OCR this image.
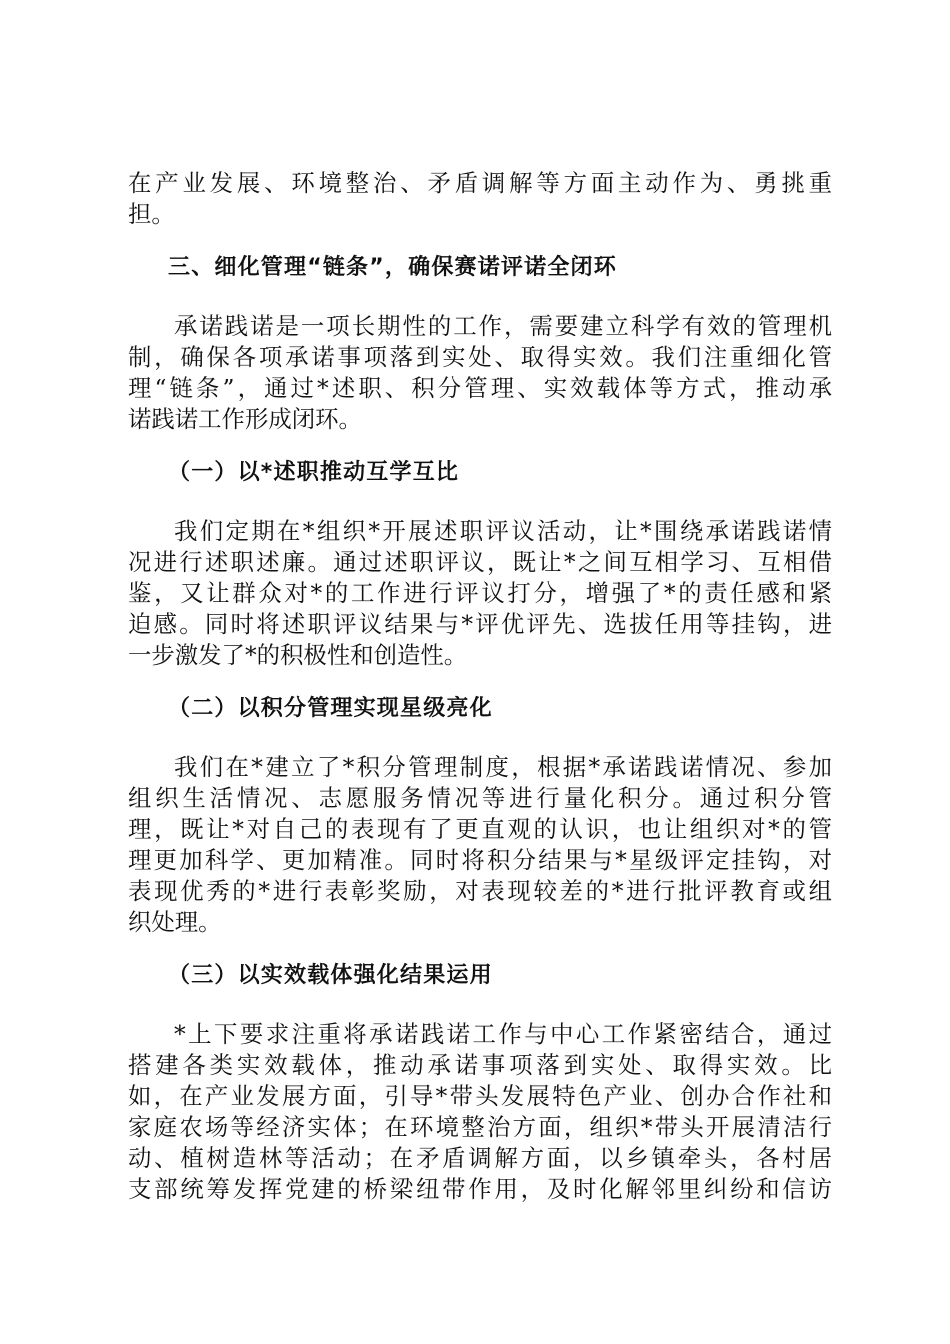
在产业发展、环境整治、矛盾调解等方面主动作为、勇挑重
担。
三、细化管理“链条”，确保赛诺评诺全闭环
承诺践诺是一项长期性的工作，需要建立科学有效的管理机
制，确保各项承诺事项落到实处、取得实效。我们注重细化管
理“链条”，通过*述职、积分管理、实效载体等方式，推动承
诺践诺工作形成闭环。
（一）以*述职推动互学互比
我们定期在*组织*开展述职评议活动，让*围绕承诺践诺情
况进行述职述廉。通过述职评议，既让*之间互相学习、互相借
鉴，又让群众对*的工作进行评议打分，增强了*的责任感和紧
迫感。同时将述职评议结果与*评优评先、选拔任用等挂钩，进
一步激发了*的积极性和创造性。
（二）以积分管理实现星级亮化
我们在*建立了*积分管理制度，根据*承诺践诺情况、参加
组织生活情况、志愿服务情况等进行量化积分。通过积分管
理，既让*对自己的表现有了更直观的认识，也让组织对*的管
理更加科学、更加精准。同时将积分结果与*星级评定挂钩，对
表现优秀的*进行表彰奖励，对表现较差的*进行批评教育或组
织处理。
（三）以实效载体强化结果运用
*上下要求注重将承诺践诺工作与中心工作紧密结合，通过
搭建各类实效载体，推动承诺事项落到实处、取得实效。比
如，在产业发展方面，引导*带头发展特色产业、创办合作社和
家庭农场等经济实体；在环境整治方面，组织*带头开展清洁行
动、植树造林等活动；在矛盾调解方面，以乡镇牵头，各村居
支部统筹发挥党建的桥梁纽带作用，及时化解邻里纠纷和信访
